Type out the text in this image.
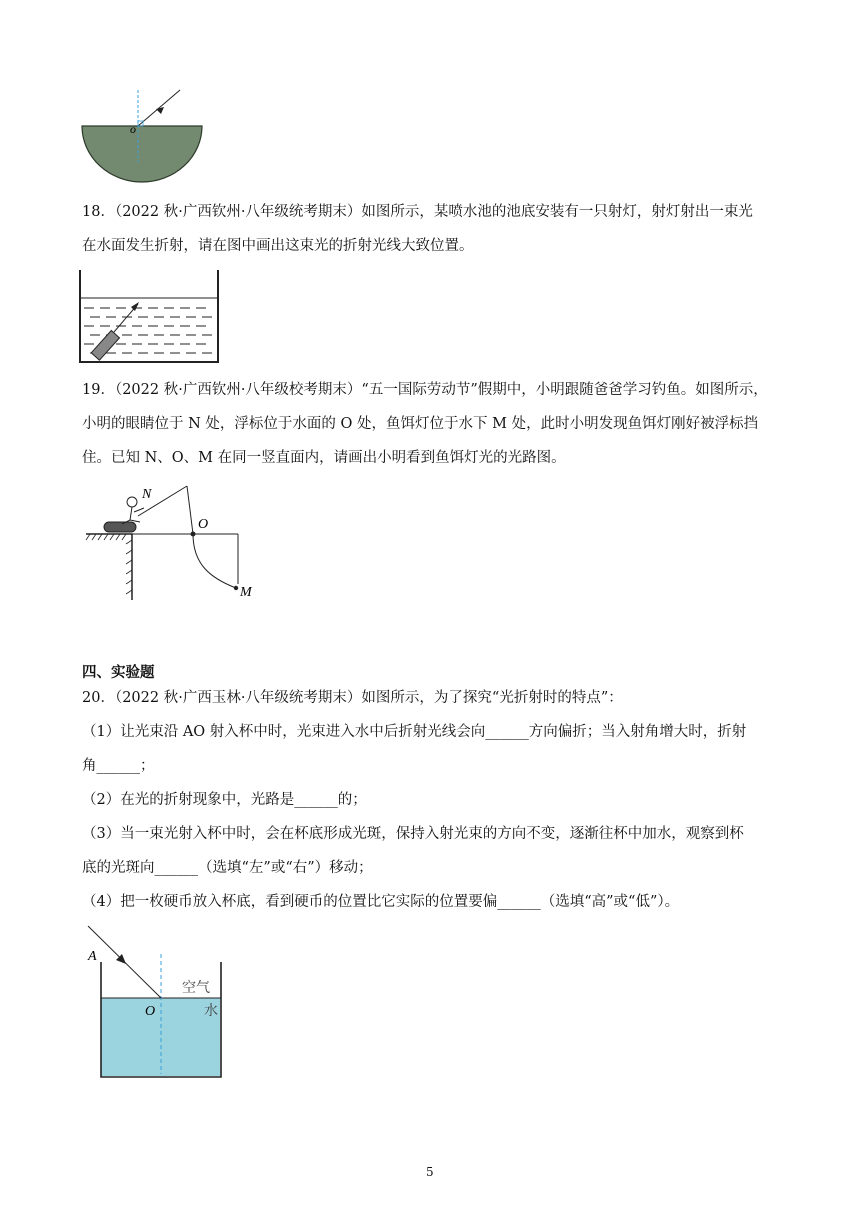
o
18．（2022 秋·广西钦州·八年级统考期末）如图所示，某喷水池的池底安装有一只射灯，射灯射出一束光
在水面发生折射，请在图中画出这束光的折射光线大致位置。
19．（2022 秋·广西钦州·八年级校考期末）“五一国际劳动节”假期中，小明跟随爸爸学习钓鱼。如图所示，
小明的眼睛位于 N 处，浮标位于水面的 O 处，鱼饵灯位于水下 M 处，此时小明发现鱼饵灯刚好被浮标挡
住。已知 N、O、M 在同一竖直面内，请画出小明看到鱼饵灯光的光路图。
N
O
M
四、实验题
20．（2022 秋·广西玉林·八年级统考期末）如图所示，为了探究“光折射时的特点”：
（1）让光束沿 AO 射入杯中时，光束进入水中后折射光线会向______方向偏折；当入射角增大时，折射
角______；
（2）在光的折射现象中，光路是______的；
（3）当一束光射入杯中时，会在杯底形成光斑，保持入射光束的方向不变，逐渐往杯中加水，观察到杯
底的光斑向______（选填“左”或“右”）移动；
（4）把一枚硬币放入杯底，看到硬币的位置比它实际的位置要偏______（选填“高”或“低”）。
A
O
空气
水
5
